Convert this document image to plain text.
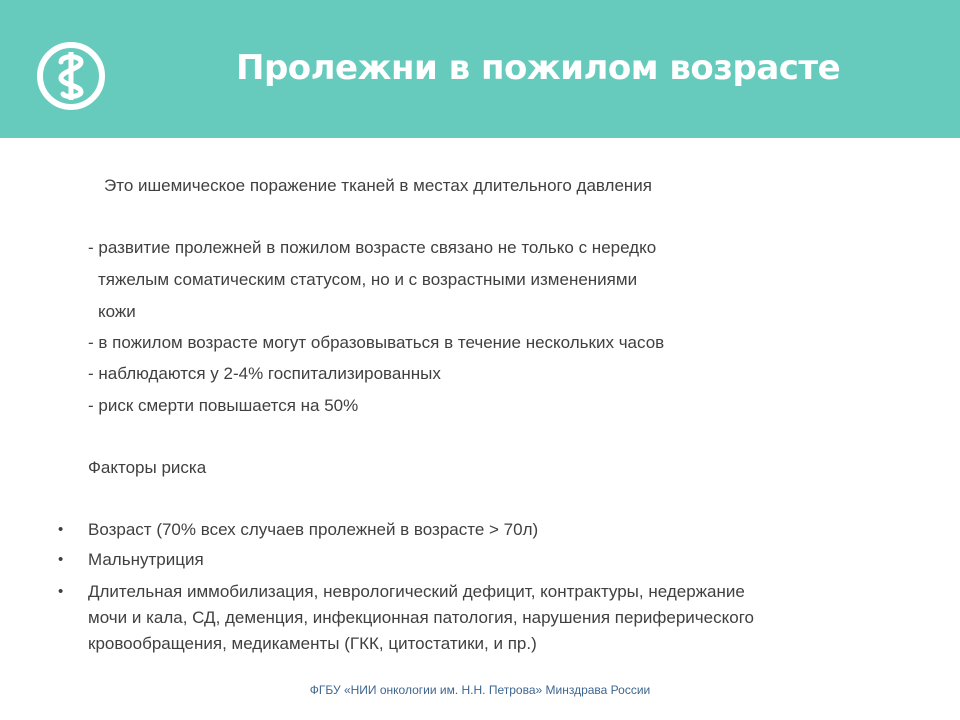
Пролежни в пожилом возрасте
Это ишемическое поражение тканей в местах длительного давления
- развитие пролежней в пожилом возрасте связано не только с нередко
тяжелым соматическим статусом, но и с возрастными изменениями
кожи
- в пожилом возрасте могут образовываться в течение нескольких часов
- наблюдаются у 2-4% госпитализированных
- риск смерти повышается на 50%
Факторы риска
• Возраст (70% всех случаев пролежней в возрасте > 70л)
• Мальнутриция
• Длительная иммобилизация, неврологический дефицит, контрактуры, недержание
мочи и кала, СД, деменция, инфекционная патология, нарушения периферического
кровообращения, медикаменты (ГКК, цитостатики, и пр.)
ФГБУ «НИИ онкологии им. Н.Н. Петрова» Минздрава России
